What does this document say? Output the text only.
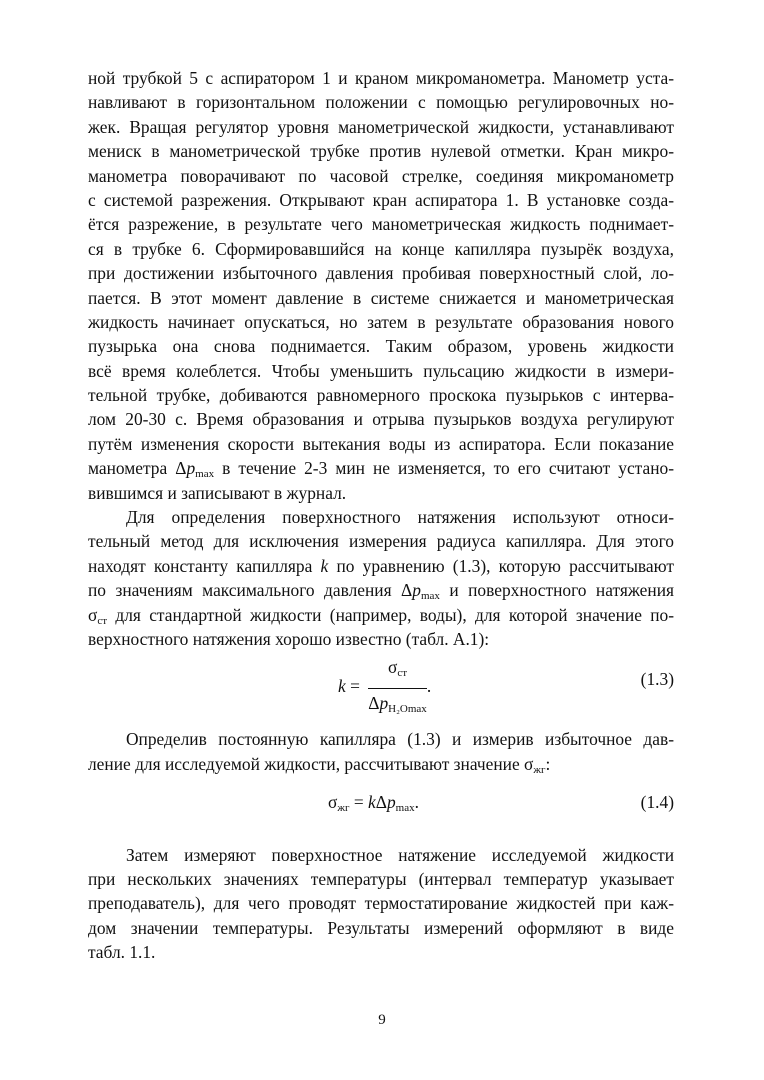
ной трубкой 5 с аспиратором 1 и краном микроманометра. Манометр уста-
навливают в горизонтальном положении с помощью регулировочных но-
жек. Вращая регулятор уровня манометрической жидкости, устанавливают
мениск в манометрической трубке против нулевой отметки. Кран микро-
манометра поворачивают по часовой стрелке, соединяя микроманометр
с системой разрежения. Открывают кран аспиратора 1. В установке созда-
ётся разрежение, в результате чего манометрическая жидкость поднимает-
ся в трубке 6. Сформировавшийся на конце капилляра пузырёк воздуха,
при достижении избыточного давления пробивая поверхностный слой, ло-
пается. В этот момент давление в системе снижается и манометрическая
жидкость начинает опускаться, но затем в результате образования нового
пузырька она снова поднимается. Таким образом, уровень жидкости
всё время колеблется. Чтобы уменьшить пульсацию жидкости в измери-
тельной трубке, добиваются равномерного проскока пузырьков с интерва-
лом 20-30 с. Время образования и отрыва пузырьков воздуха регулируют
путём изменения скорости вытекания воды из аспиратора. Если показание
манометра $\Delta p_{max}$ в течение 2-3 мин не изменяется, то его считают устано-
вившимся и записывают в журнал.
Для определения поверхностного натяжения используют относи-
тельный метод для исключения измерения радиуса капилляра. Для этого
находят константу капилляра k по уравнению (1.3), которую рассчитывают
по значениям максимального давления $\Delta p_{max}$ и поверхностного натяжения
$\sigma_{ст}$ для стандартной жидкости (например, воды), для которой значение по-
верхностного натяжения хорошо известно (табл. А.1):
$k = \frac{\sigma_{ст}}{\Delta p_{H_2Omax}}$ .	(1.3)
Определив постоянную капилляра (1.3) и измерив избыточное дав-
ление для исследуемой жидкости, рассчитывают значение $\sigma_{жг}$:
$\sigma_{жг} = k\Delta p_{max}$.	(1.4)
Затем измеряют поверхностное натяжение исследуемой жидкости
при нескольких значениях температуры (интервал температур указывает
преподаватель), для чего проводят термостатирование жидкостей при каж-
дом значении температуры. Результаты измерений оформляют в виде
табл. 1.1.
9
